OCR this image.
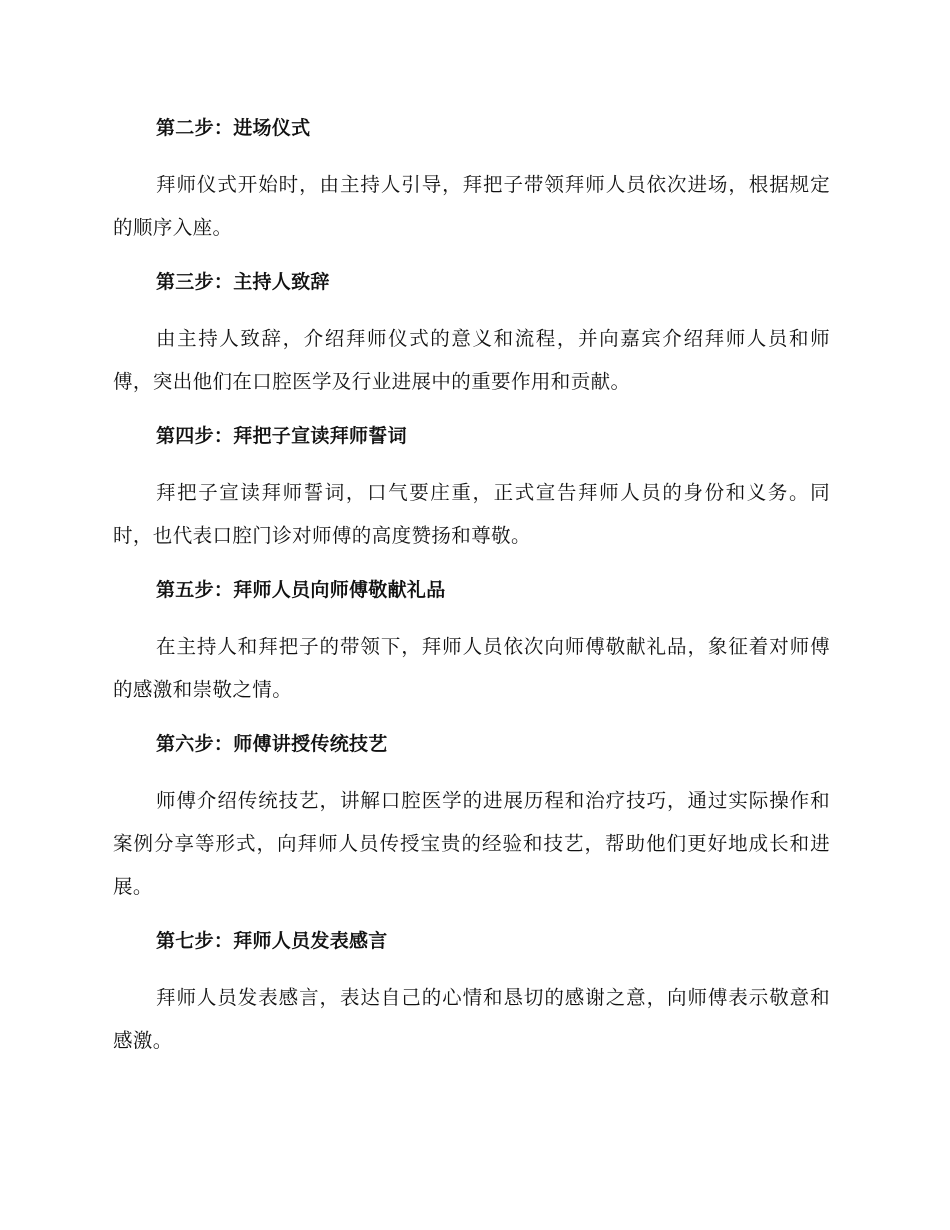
第二步：进场仪式

拜师仪式开始时，由主持人引导，拜把子带领拜师人员依次进场，根据规定的顺序入座。

第三步：主持人致辞

由主持人致辞，介绍拜师仪式的意义和流程，并向嘉宾介绍拜师人员和师傅，突出他们在口腔医学及行业进展中的重要作用和贡献。

第四步：拜把子宣读拜师誓词

拜把子宣读拜师誓词，口气要庄重，正式宣告拜师人员的身份和义务。同时，也代表口腔门诊对师傅的高度赞扬和尊敬。

第五步：拜师人员向师傅敬献礼品

在主持人和拜把子的带领下，拜师人员依次向师傅敬献礼品，象征着对师傅的感激和崇敬之情。

第六步：师傅讲授传统技艺

师傅介绍传统技艺，讲解口腔医学的进展历程和治疗技巧，通过实际操作和案例分享等形式，向拜师人员传授宝贵的经验和技艺，帮助他们更好地成长和进展。

第七步：拜师人员发表感言

拜师人员发表感言，表达自己的心情和恳切的感谢之意，向师傅表示敬意和感激。
